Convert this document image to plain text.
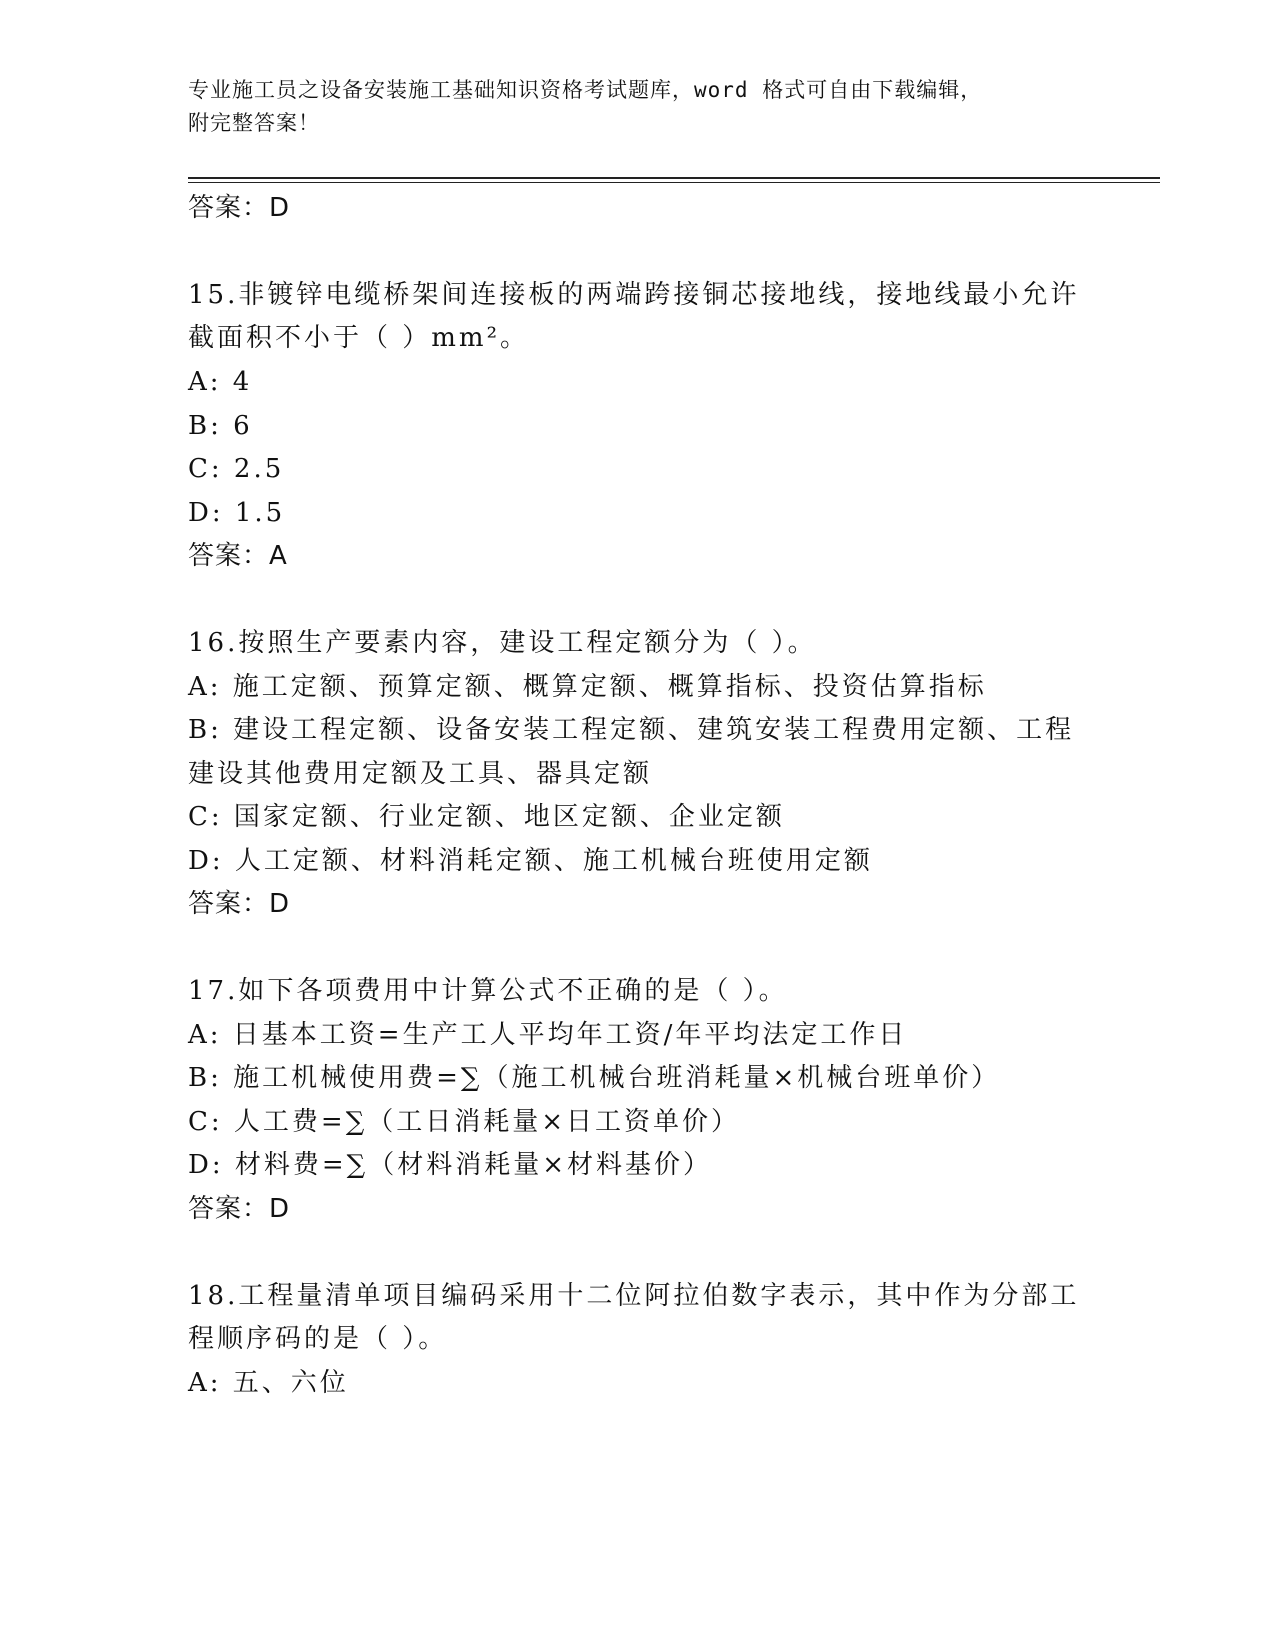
专业施工员之设备安装施工基础知识资格考试题库，word 格式可自由下载编辑，
附完整答案！
答案：D
15.非镀锌电缆桥架间连接板的两端跨接铜芯接地线，接地线最小允许
截面积不小于（ ）mm²。
A: 4
B: 6
C: 2.5
D: 1.5
答案：A
16.按照生产要素内容，建设工程定额分为（ ）。
A: 施工定额、预算定额、概算定额、概算指标、投资估算指标
B: 建设工程定额、设备安装工程定额、建筑安装工程费用定额、工程
建设其他费用定额及工具、器具定额
C: 国家定额、行业定额、地区定额、企业定额
D: 人工定额、材料消耗定额、施工机械台班使用定额
答案：D
17.如下各项费用中计算公式不正确的是（ ）。
A: 日基本工资=生产工人平均年工资/年平均法定工作日
B: 施工机械使用费=∑（施工机械台班消耗量×机械台班单价）
C: 人工费=∑（工日消耗量×日工资单价）
D: 材料费=∑（材料消耗量×材料基价）
答案：D
18.工程量清单项目编码采用十二位阿拉伯数字表示，其中作为分部工
程顺序码的是（ ）。
A: 五、六位
